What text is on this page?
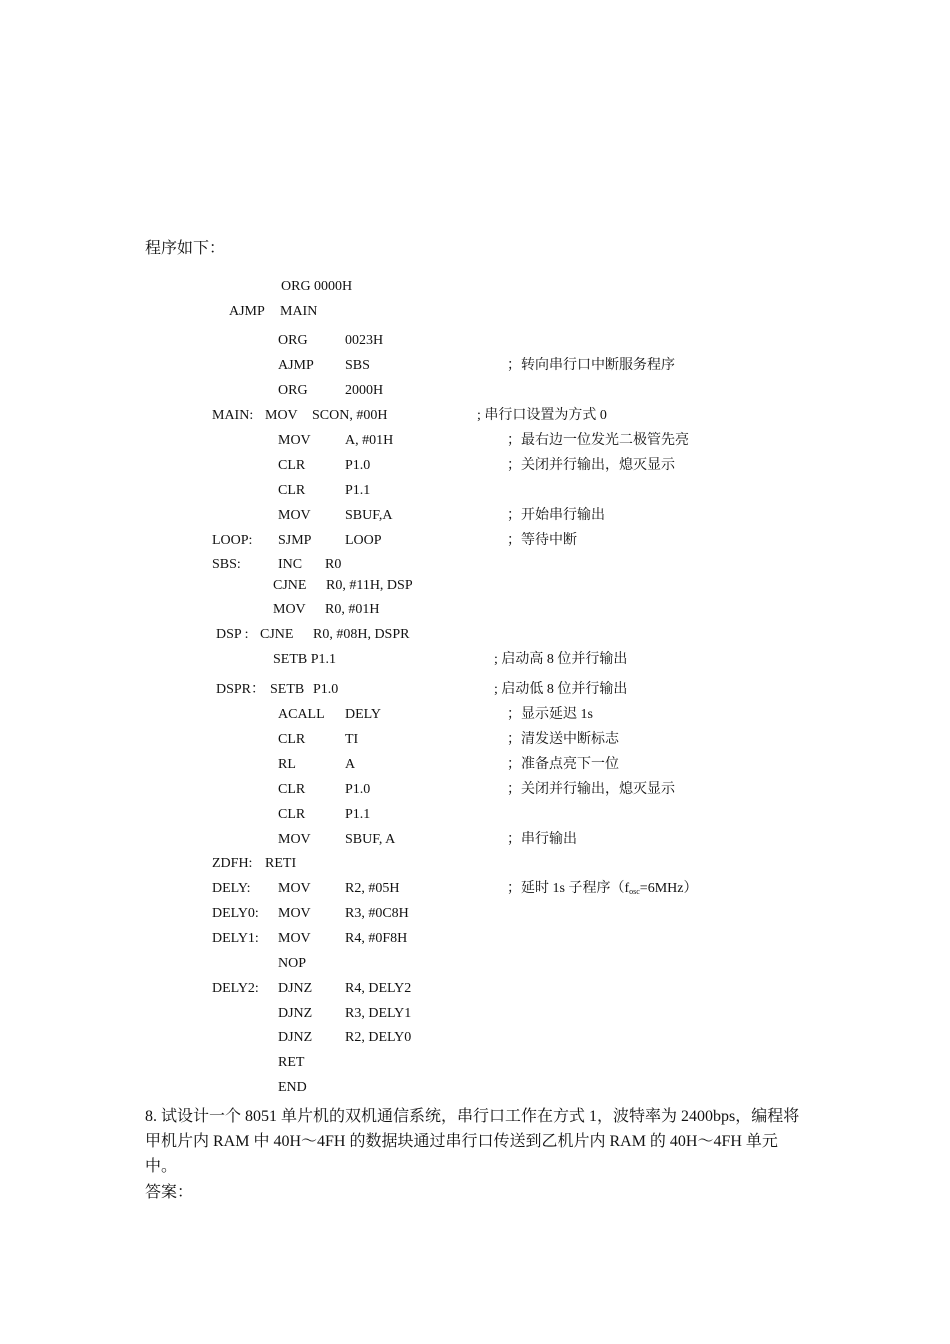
程序如下：
ORG 0000H
AJMP MAIN
ORG	0023H
AJMP SBS	；转向串行口中断服务程序
ORG	2000H
MAIN: MOV SCON, #00H	; 串行口设置为方式 0
MOV A, #01H	；最右边一位发光二极管先亮
CLR	P1.0	；关闭并行输出，熄灭显示
CLR	P1.1
MOV SBUF,A	；开始串行输出
LOOP: SJMP LOOP	；等待中断
SBS:	INC R0
CJNE R0, #11H, DSP
MOV R0, #01H
DSP : CJNE R0, #08H, DSPR
SETB P1.1	; 启动高 8 位并行输出
DSPR： SETB P1.0	; 启动低 8 位并行输出
ACALL DELY	；显示延迟 1s
CLR	TI	；清发送中断标志
RL	A	；准备点亮下一位
CLR	P1.0	；关闭并行输出，熄灭显示
CLR	P1.1
MOV SBUF, A	；串行输出
ZDFH: RETI
DELY: MOV R2, #05H	；延时 1s 子程序$(f_{osc}=6MHz)$
DELY0: MOV R3, #0C8H
DELY1: MOV R4, #0F8H
NOP
DELY2: DJNZ R4, DELY2
DJNZ R3, DELY1
DJNZ R2, DELY0
RET
END
8. 试设计一个 8051 单片机的双机通信系统，串行口工作在方式 1，波特率为 2400bps，编程将
甲机片内 RAM 中 40H～4FH 的数据块通过串行口传送到乙机片内 RAM 的 40H～4FH 单元
中。
答案：
